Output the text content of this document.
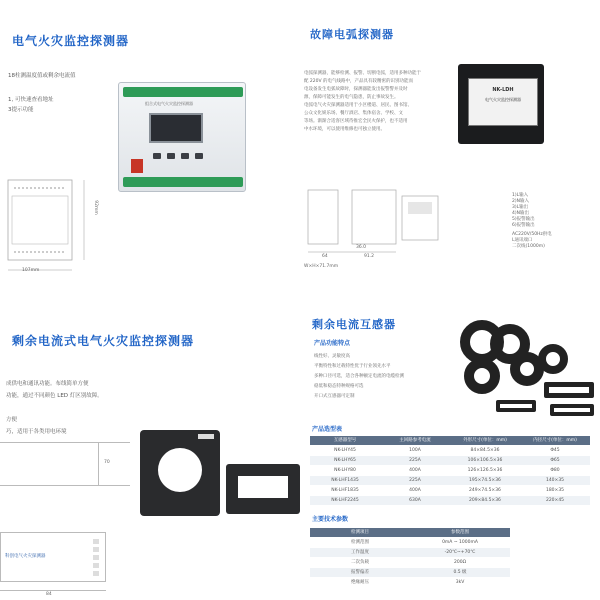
电气火灾监控探测器
18柱测温度值或剩余电流值
1, 可快速查看地址
3提示功能
组合式电气火灾监控探测器
92mm
107mm
故障电弧探测器
电弧探测器，能够检测、报警、切断电弧，适用多种功能于
配 220V 的电气线路中，产品具有较精密的识别功能而
电设备发生电弧故障时，探测器能发出报警警并及时
源，保障可能发生的电气隐患，防止事故发生。
电弧电气火灾探测器适用于小区楼道、居民、图书馆、
公众文化娱乐场、餐厅酒店、集体宿舍、学校、文
等场。渐渐合适客区域待推宏全民火保护，也不适用
中水环境，可以使用维修也可独立使用。
NK-LDH
电气火灾监控探测器
36.0
91.2
64
W×H×71.7mm
1)L输入
2)N输入
3)L输出
4)N输出
5)报警输出
6)报警输出
AC220V/50Hz供电
L通讯端口
二次线(1000m)
剩余电流式电气火灾监控探测器
成供电和通讯功能。布线简单方便
功能，通过不同颜色 LED 灯区别故障。
方便
巧，适用于各类用电环境
70
科创电气火灾探测器
84
剩余电流互感器
产品功能特点
线性好、灵敏度高
平衡特性和过载特性优于行业领先水平
多种口径可选，适合各种额定电流的电缆检测
稳低和稳态特种规格可选
开口式互感器可定制
产品选型表
互感器型号	主回路参考电流	外形尺寸(单位：mm)	内径尺寸(单位：mm)
NK-LHY45	100A	84×84.5×36	Φ45
NK-LHY65	225A	106×106.5×36	Φ65
NK-LHY80	400A	126×126.5×36	Φ80
NK-LHF1435	225A	195×74.5×36	140×35
NK-LHF1835	400A	249×74.5×36	180×35
NK-LHF2245	630A	209×84.5×36	220×45
主要技术参数
检测项目	参数范围
检测范围	0mA ~ 1000mA
工作温度	-20℃~+70℃
二次负载	200Ω
报警偏差	0.5 级
绝缘耐压	3kV
